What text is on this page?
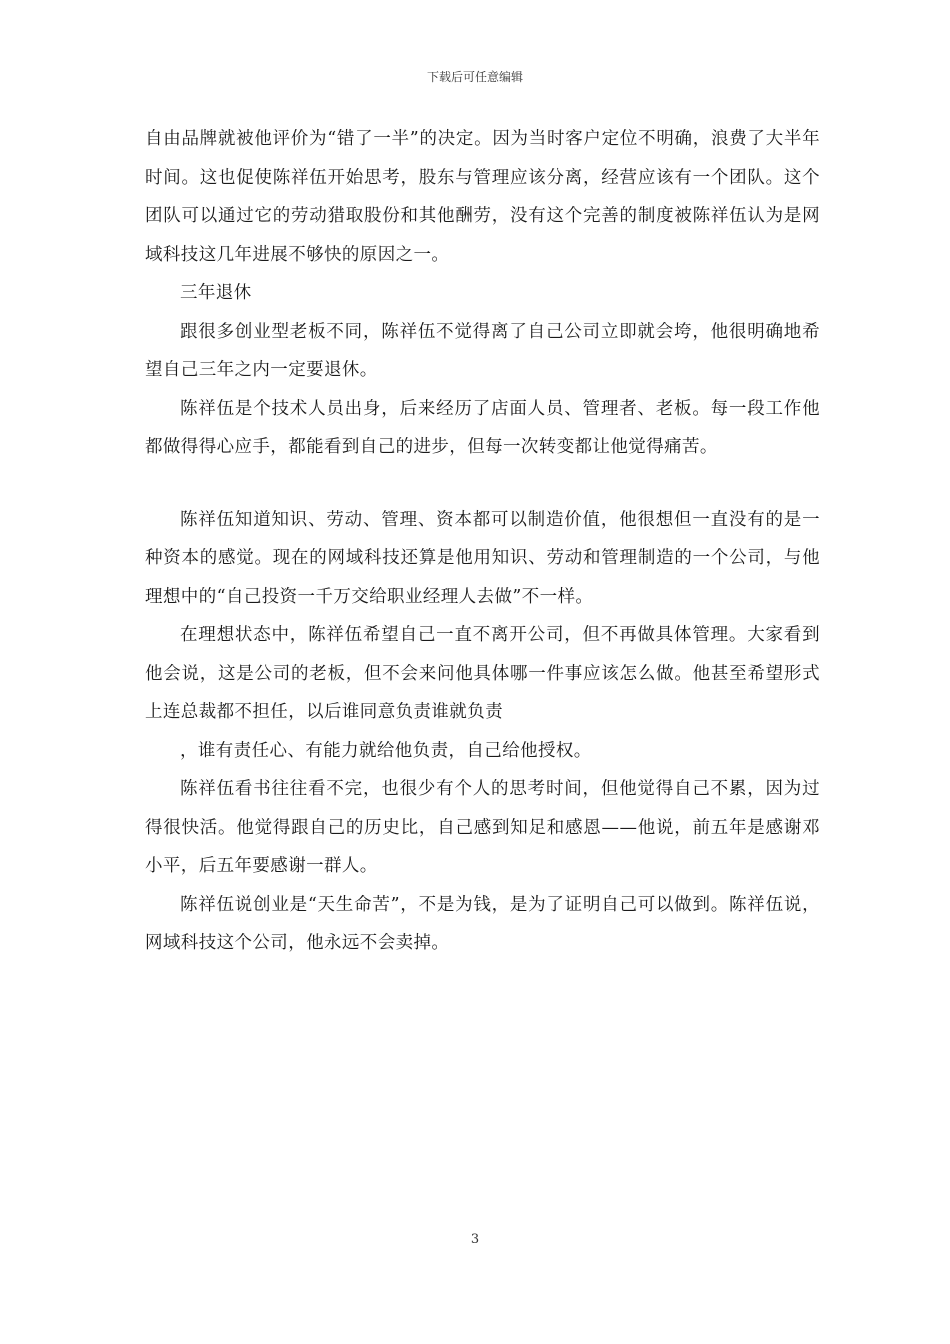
下载后可任意编辑

自由品牌就被他评价为“错了一半”的决定。因为当时客户定位不明确，浪费了大半年时间。这也促使陈祥伍开始思考，股东与管理应该分离，经营应该有一个团队。这个团队可以通过它的劳动猎取股份和其他酬劳，没有这个完善的制度被陈祥伍认为是网域科技这几年进展不够快的原因之一。

三年退休

跟很多创业型老板不同，陈祥伍不觉得离了自己公司立即就会垮，他很明确地希望自己三年之内一定要退休。

陈祥伍是个技术人员出身，后来经历了店面人员、管理者、老板。每一段工作他都做得得心应手，都能看到自己的进步，但每一次转变都让他觉得痛苦。

陈祥伍知道知识、劳动、管理、资本都可以制造价值，他很想但一直没有的是一种资本的感觉。现在的网域科技还算是他用知识、劳动和管理制造的一个公司，与他理想中的“自己投资一千万交给职业经理人去做”不一样。

在理想状态中，陈祥伍希望自己一直不离开公司，但不再做具体管理。大家看到他会说，这是公司的老板，但不会来问他具体哪一件事应该怎么做。他甚至希望形式上连总裁都不担任，以后谁同意负责谁就负责

，谁有责任心、有能力就给他负责，自己给他授权。

陈祥伍看书往往看不完，也很少有个人的思考时间，但他觉得自己不累，因为过得很快活。他觉得跟自己的历史比，自己感到知足和感恩——他说，前五年是感谢邓小平，后五年要感谢一群人。

陈祥伍说创业是“天生命苦”，不是为钱，是为了证明自己可以做到。陈祥伍说，网域科技这个公司，他永远不会卖掉。

3
